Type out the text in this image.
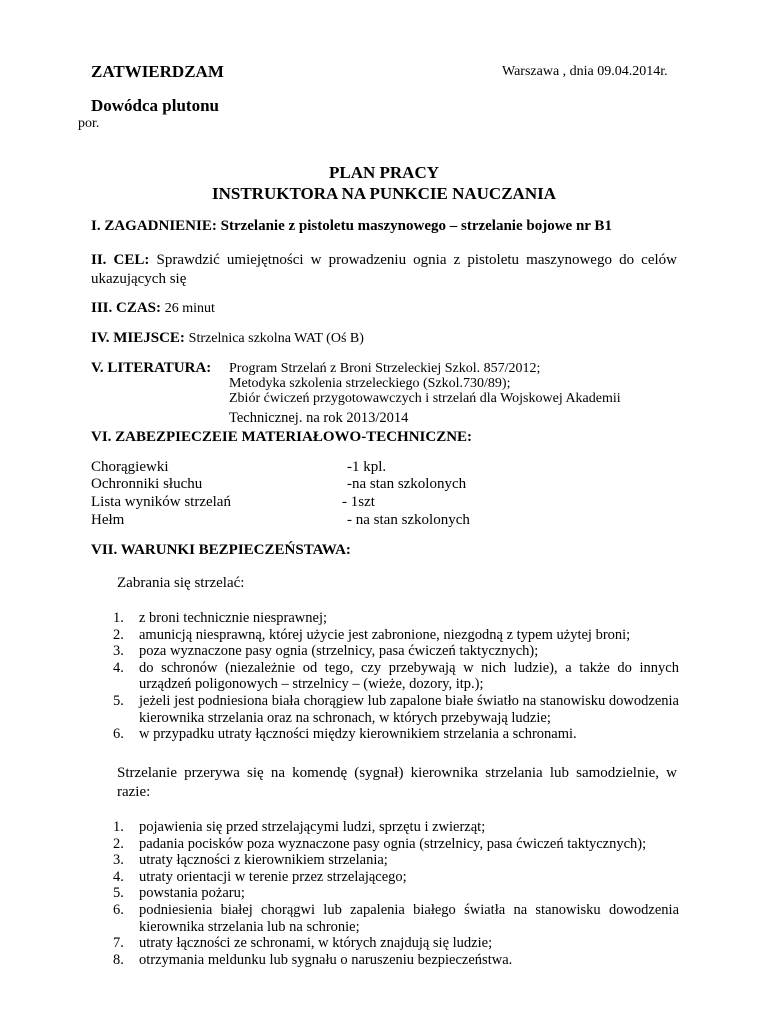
ZATWIERDZAM	Warszawa , dnia 09.04.2014r.
Dowódca plutonu
por.
PLAN PRACY
INSTRUKTORA NA PUNKCIE NAUCZANIA
I. ZAGADNIENIE: Strzelanie z pistoletu maszynowego – strzelanie bojowe nr B1
II. CEL: Sprawdzić umiejętności w prowadzeniu ognia z pistoletu maszynowego do celów ukazujących się
III. CZAS: 26 minut
IV. MIEJSCE: Strzelnica szkolna WAT (Oś B)
V. LITERATURA: Program Strzelań z Broni Strzeleckiej Szkol. 857/2012;
Metodyka szkolenia strzeleckiego (Szkol.730/89);
Zbiór ćwiczeń przygotowawczych i strzelań dla Wojskowej Akademii
Technicznej. na rok 2013/2014
VI. ZABEZPIECZEIE MATERIAŁOWO-TECHNICZNE:
Chorągiewki	-1 kpl.
Ochronniki słuchu	-na stan szkolonych
Lista wyników strzelań	- 1szt
Hełm	- na stan szkolonych
VII. WARUNKI BEZPIECZEŃSTAWA:
Zabrania się strzelać:
1. z broni technicznie niesprawnej;
2. amunicją niesprawną, której użycie jest zabronione, niezgodną z typem użytej broni;
3. poza wyznaczone pasy ognia (strzelnicy, pasa ćwiczeń taktycznych);
4. do schronów (niezależnie od tego, czy przebywają w nich ludzie), a także do innych urządzeń poligonowych – strzelnicy – (wieże, dozory, itp.);
5. jeżeli jest podniesiona biała chorągiew lub zapalone białe światło na stanowisku dowodzenia kierownika strzelania oraz na schronach, w których przebywają ludzie;
6. w przypadku utraty łączności między kierownikiem strzelania a schronami.
Strzelanie przerywa się na komendę (sygnał) kierownika strzelania lub samodzielnie, w razie:
1. pojawienia się przed strzelającymi ludzi, sprzętu i zwierząt;
2. padania pocisków poza wyznaczone pasy ognia (strzelnicy, pasa ćwiczeń taktycznych);
3. utraty łączności z kierownikiem strzelania;
4. utraty orientacji w terenie przez strzelającego;
5. powstania pożaru;
6. podniesienia białej chorągwi lub zapalenia białego światła na stanowisku dowodzenia kierownika strzelania lub na schronie;
7. utraty łączności ze schronami, w których znajdują się ludzie;
8. otrzymania meldunku lub sygnału o naruszeniu bezpieczeństwa.
